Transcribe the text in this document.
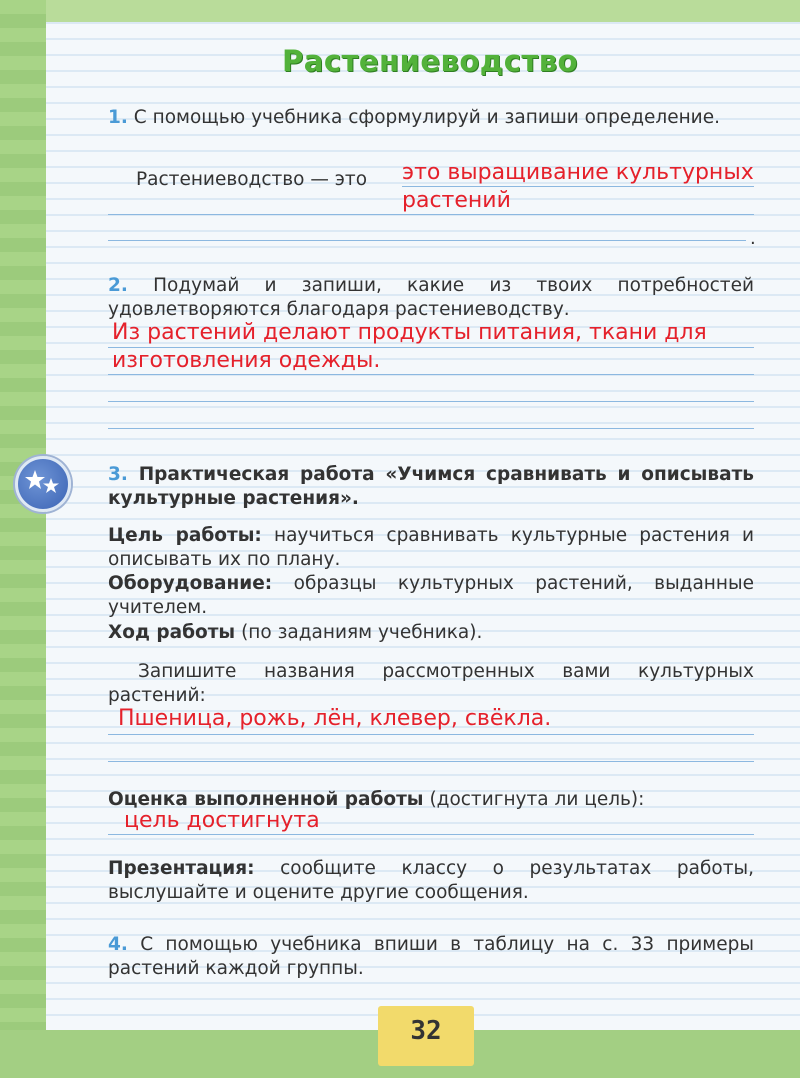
Растениеводство
1. С помощью учебника сформулируй и запиши определение.
Растениеводство — это	это выращивание культурных
растений
.
2. Подумай и запиши, какие из твоих потребностей удовлетворяются благодаря растениеводству.
Из растений делают продукты питания, ткани для
изготовления одежды.
3. Практическая работа «Учимся сравнивать и описывать культурные растения».
Цель работы: научиться сравнивать культурные растения и описывать их по плану.
Оборудование: образцы культурных растений, выданные учителем.
Ход работы (по заданиям учебника).
Запишите названия рассмотренных вами культурных растений:
Пшеница, рожь, лён, клевер, свёкла.
Оценка выполненной работы (достигнута ли цель):
цель достигнута
Презентация: сообщите классу о результатах работы, выслушайте и оцените другие сообщения.
4. С помощью учебника впиши в таблицу на с. 33 примеры растений каждой группы.
32
